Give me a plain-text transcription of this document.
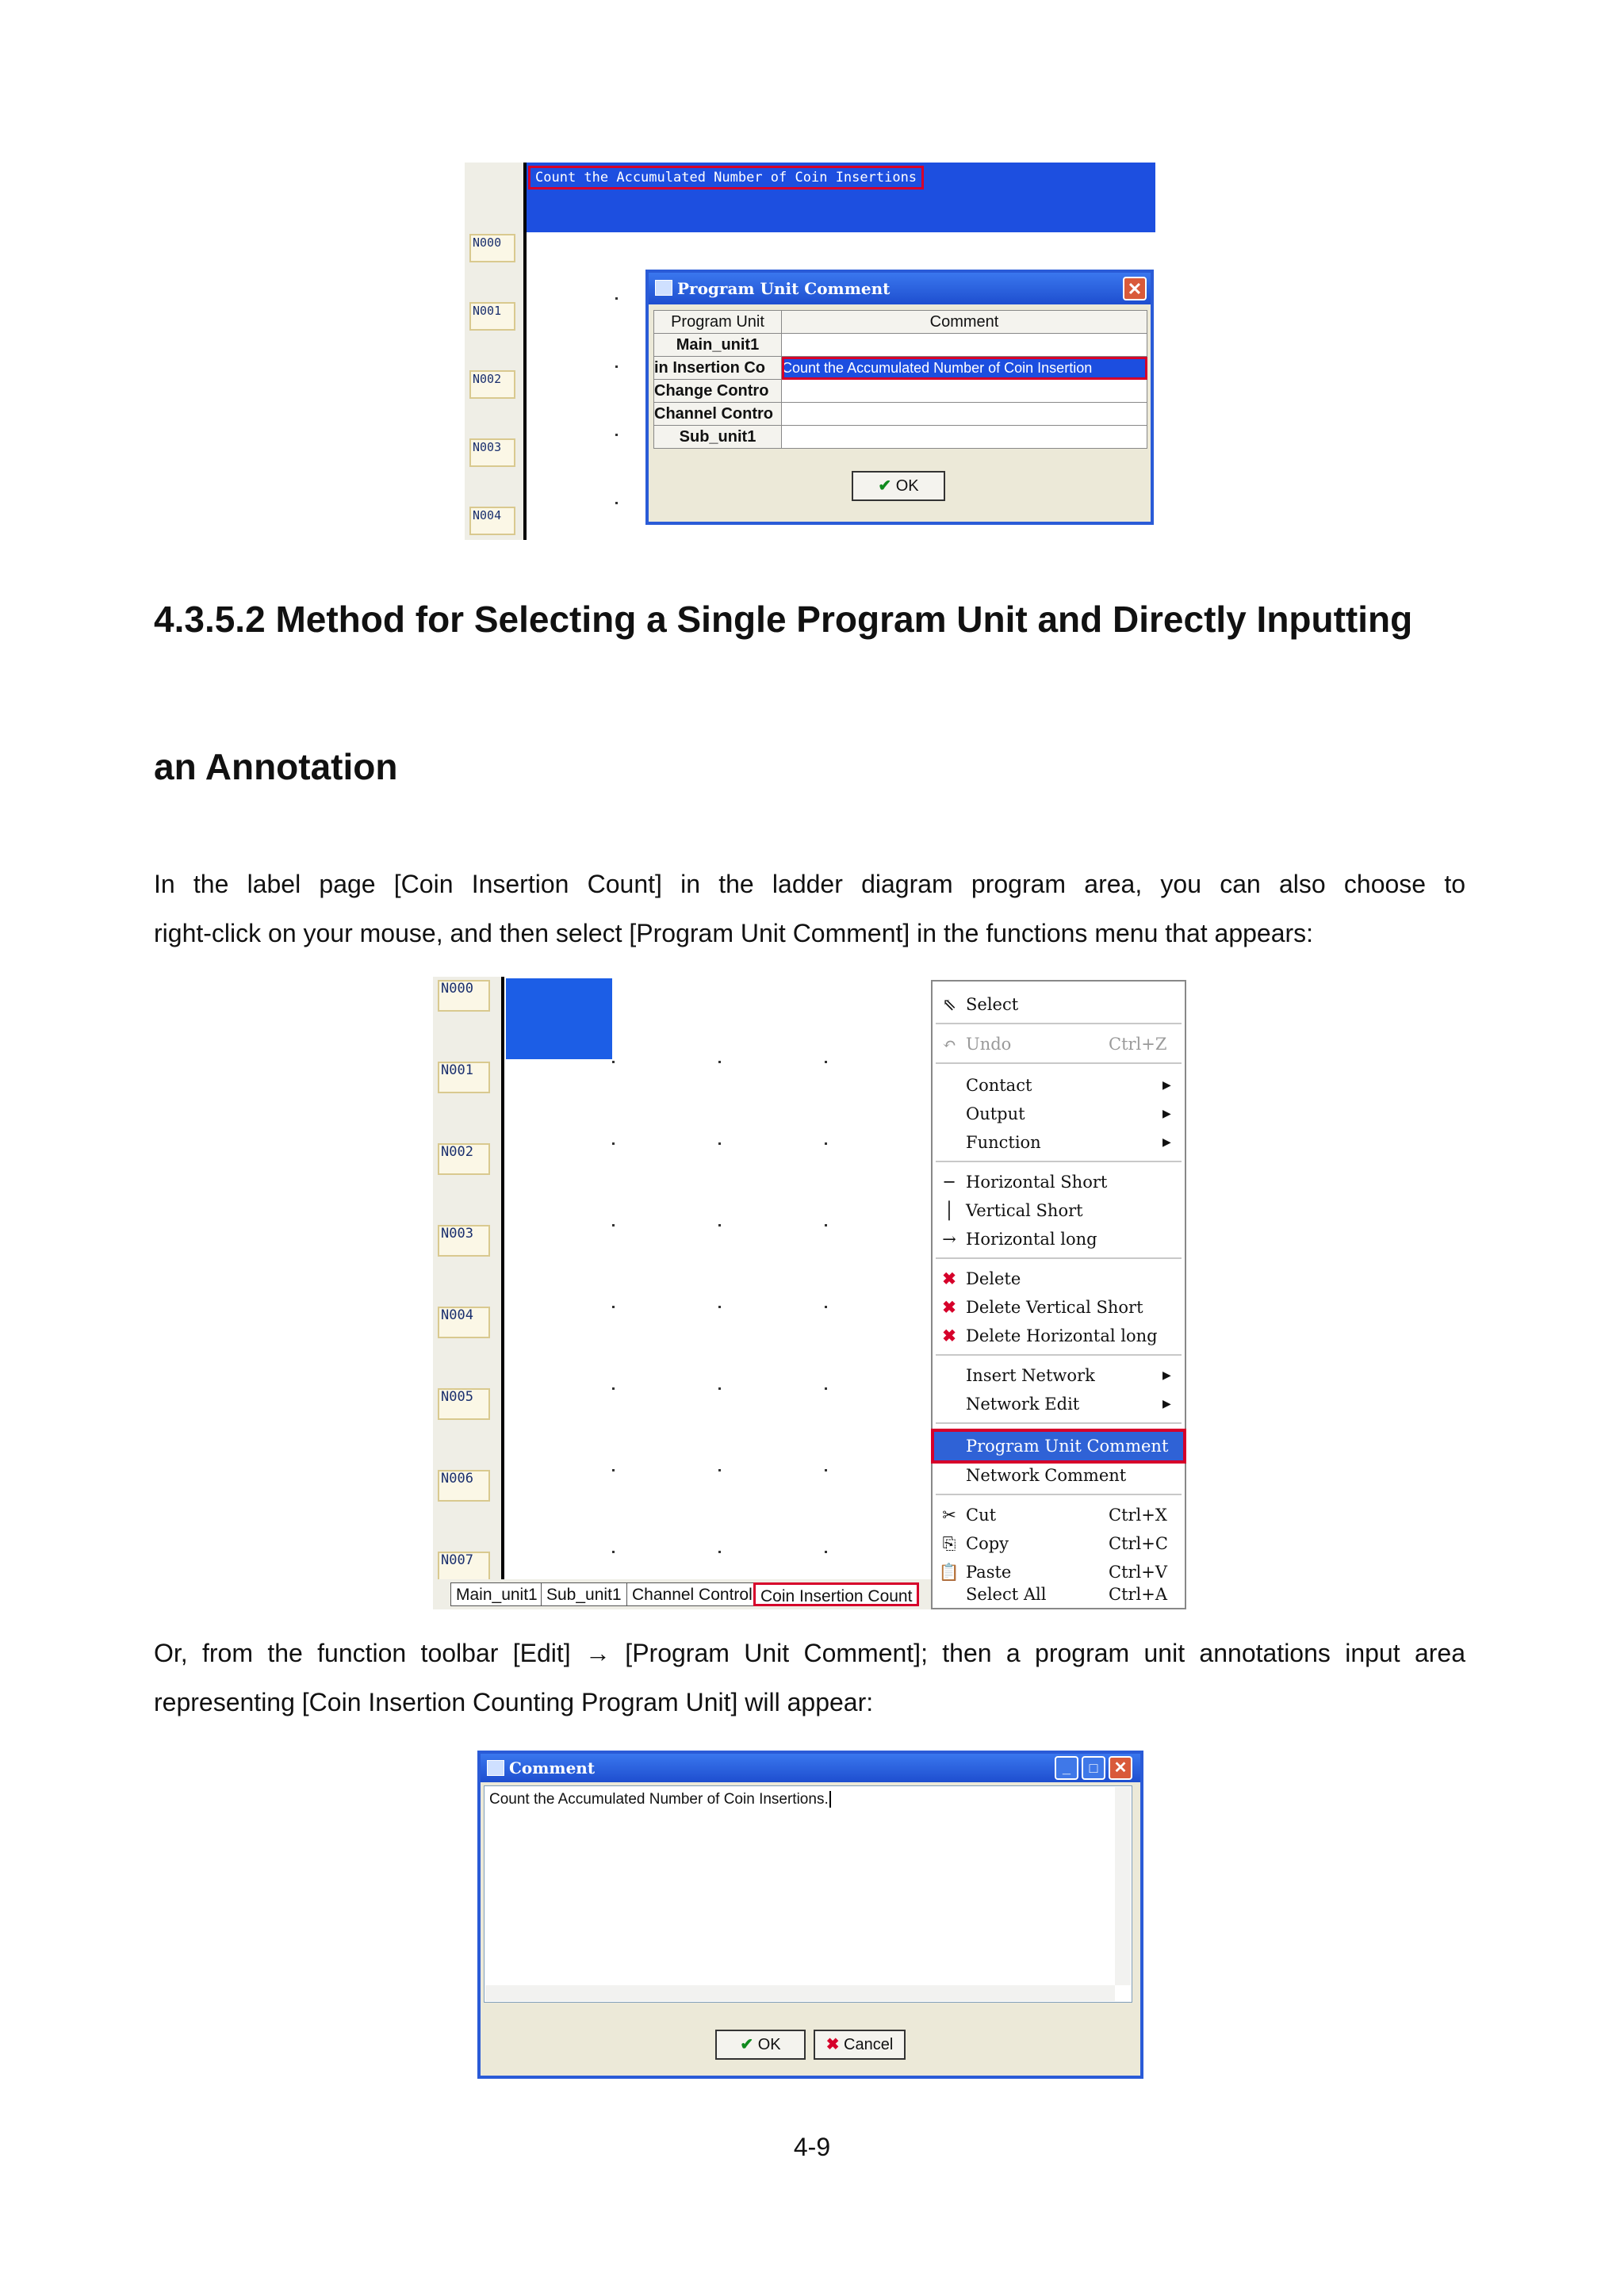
N000
N001
N002
N003
N004
Count the Accumulated Number of Coin Insertions
Program Unit Comment	✕
Program Unit	Comment
Main_unit1	
in Insertion Co	Count the Accumulated Number of Coin Insertion
Change Contro	
Channel Contro	
Sub_unit1	
✔ OK
4.3.5.2 Method for Selecting a Single Program Unit and Directly Inputting
an Annotation
In the label page [Coin Insertion Count] in the ladder diagram program area, you can also choose to
right-click on your mouse, and then select [Program Unit Comment] in the functions menu that appears:
N000
N001
N002
N003
N004
N005
N006
N007
Main_unit1 Sub_unit1 Channel Control Coin Insertion Count
⇖ Select
↶ Undo	Ctrl+Z
Contact	▶
Output	▶
Function	▶
─ Horizontal Short
│ Vertical Short
→ Horizontal long
✖ Delete
✖ Delete Vertical Short
✖ Delete Horizontal long
Insert Network	▶
Network Edit	▶
Program Unit Comment
Network Comment
✂ Cut	Ctrl+X
⎘ Copy	Ctrl+C
📋 Paste	Ctrl+V
Select All	Ctrl+A
Or, from the function toolbar [Edit] → [Program Unit Comment]; then a program unit annotations input area
representing [Coin Insertion Counting Program Unit] will appear:
Comment	_	□	✕
Count the Accumulated Number of Coin Insertions.
✔ OK	✖ Cancel
4-9
